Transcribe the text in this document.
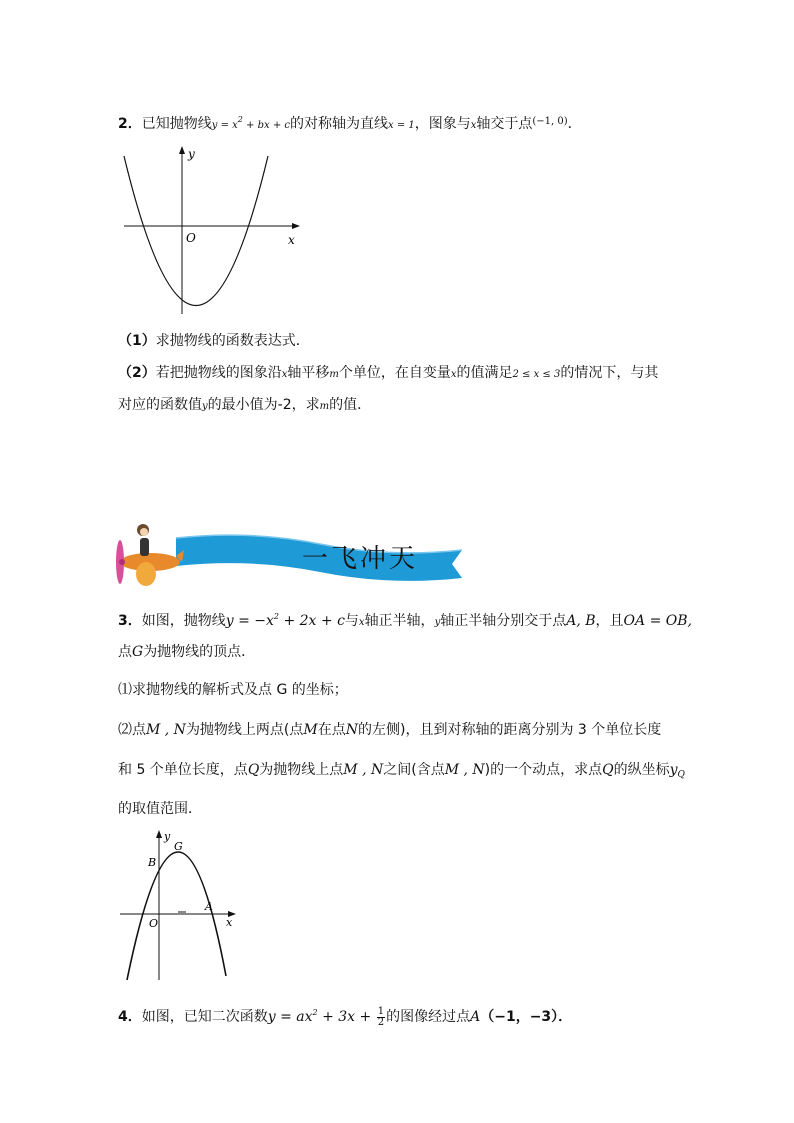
2．已知抛物线$y = x^2$ + bx + c的对称轴为直线x = 1，图象与x轴交于点$^{(-1, 0)}$．
y
x
O
（1）求抛物线的函数表达式．
（2）若把抛物线的图象沿x轴平移m个单位，在自变量x的值满足2 ≤ x ≤ 3的情况下，与其
对应的函数值y的最小值为-2，求m的值．
一飞冲天
3．如图，抛物线$y = -x^2 + 2x + c$与x轴正半轴，y轴正半轴分别交于点A, B，且OA = OB,
点G为抛物线的顶点．
⑴求抛物线的解析式及点 G 的坐标；
⑵点M , N为抛物线上两点(点M在点N的左侧)，且到对称轴的距离分别为 3 个单位长度
和 5 个单位长度，点Q为抛物线上点M , N之间(含点M , N)的一个动点，求点Q的纵坐标$y_Q$
的取值范围．
y
G
B
A
O	x
4．如图，已知二次函数$y = ax^2 + 3x + \frac{1}{2}$ 的图像经过点A（−1，−3）．
